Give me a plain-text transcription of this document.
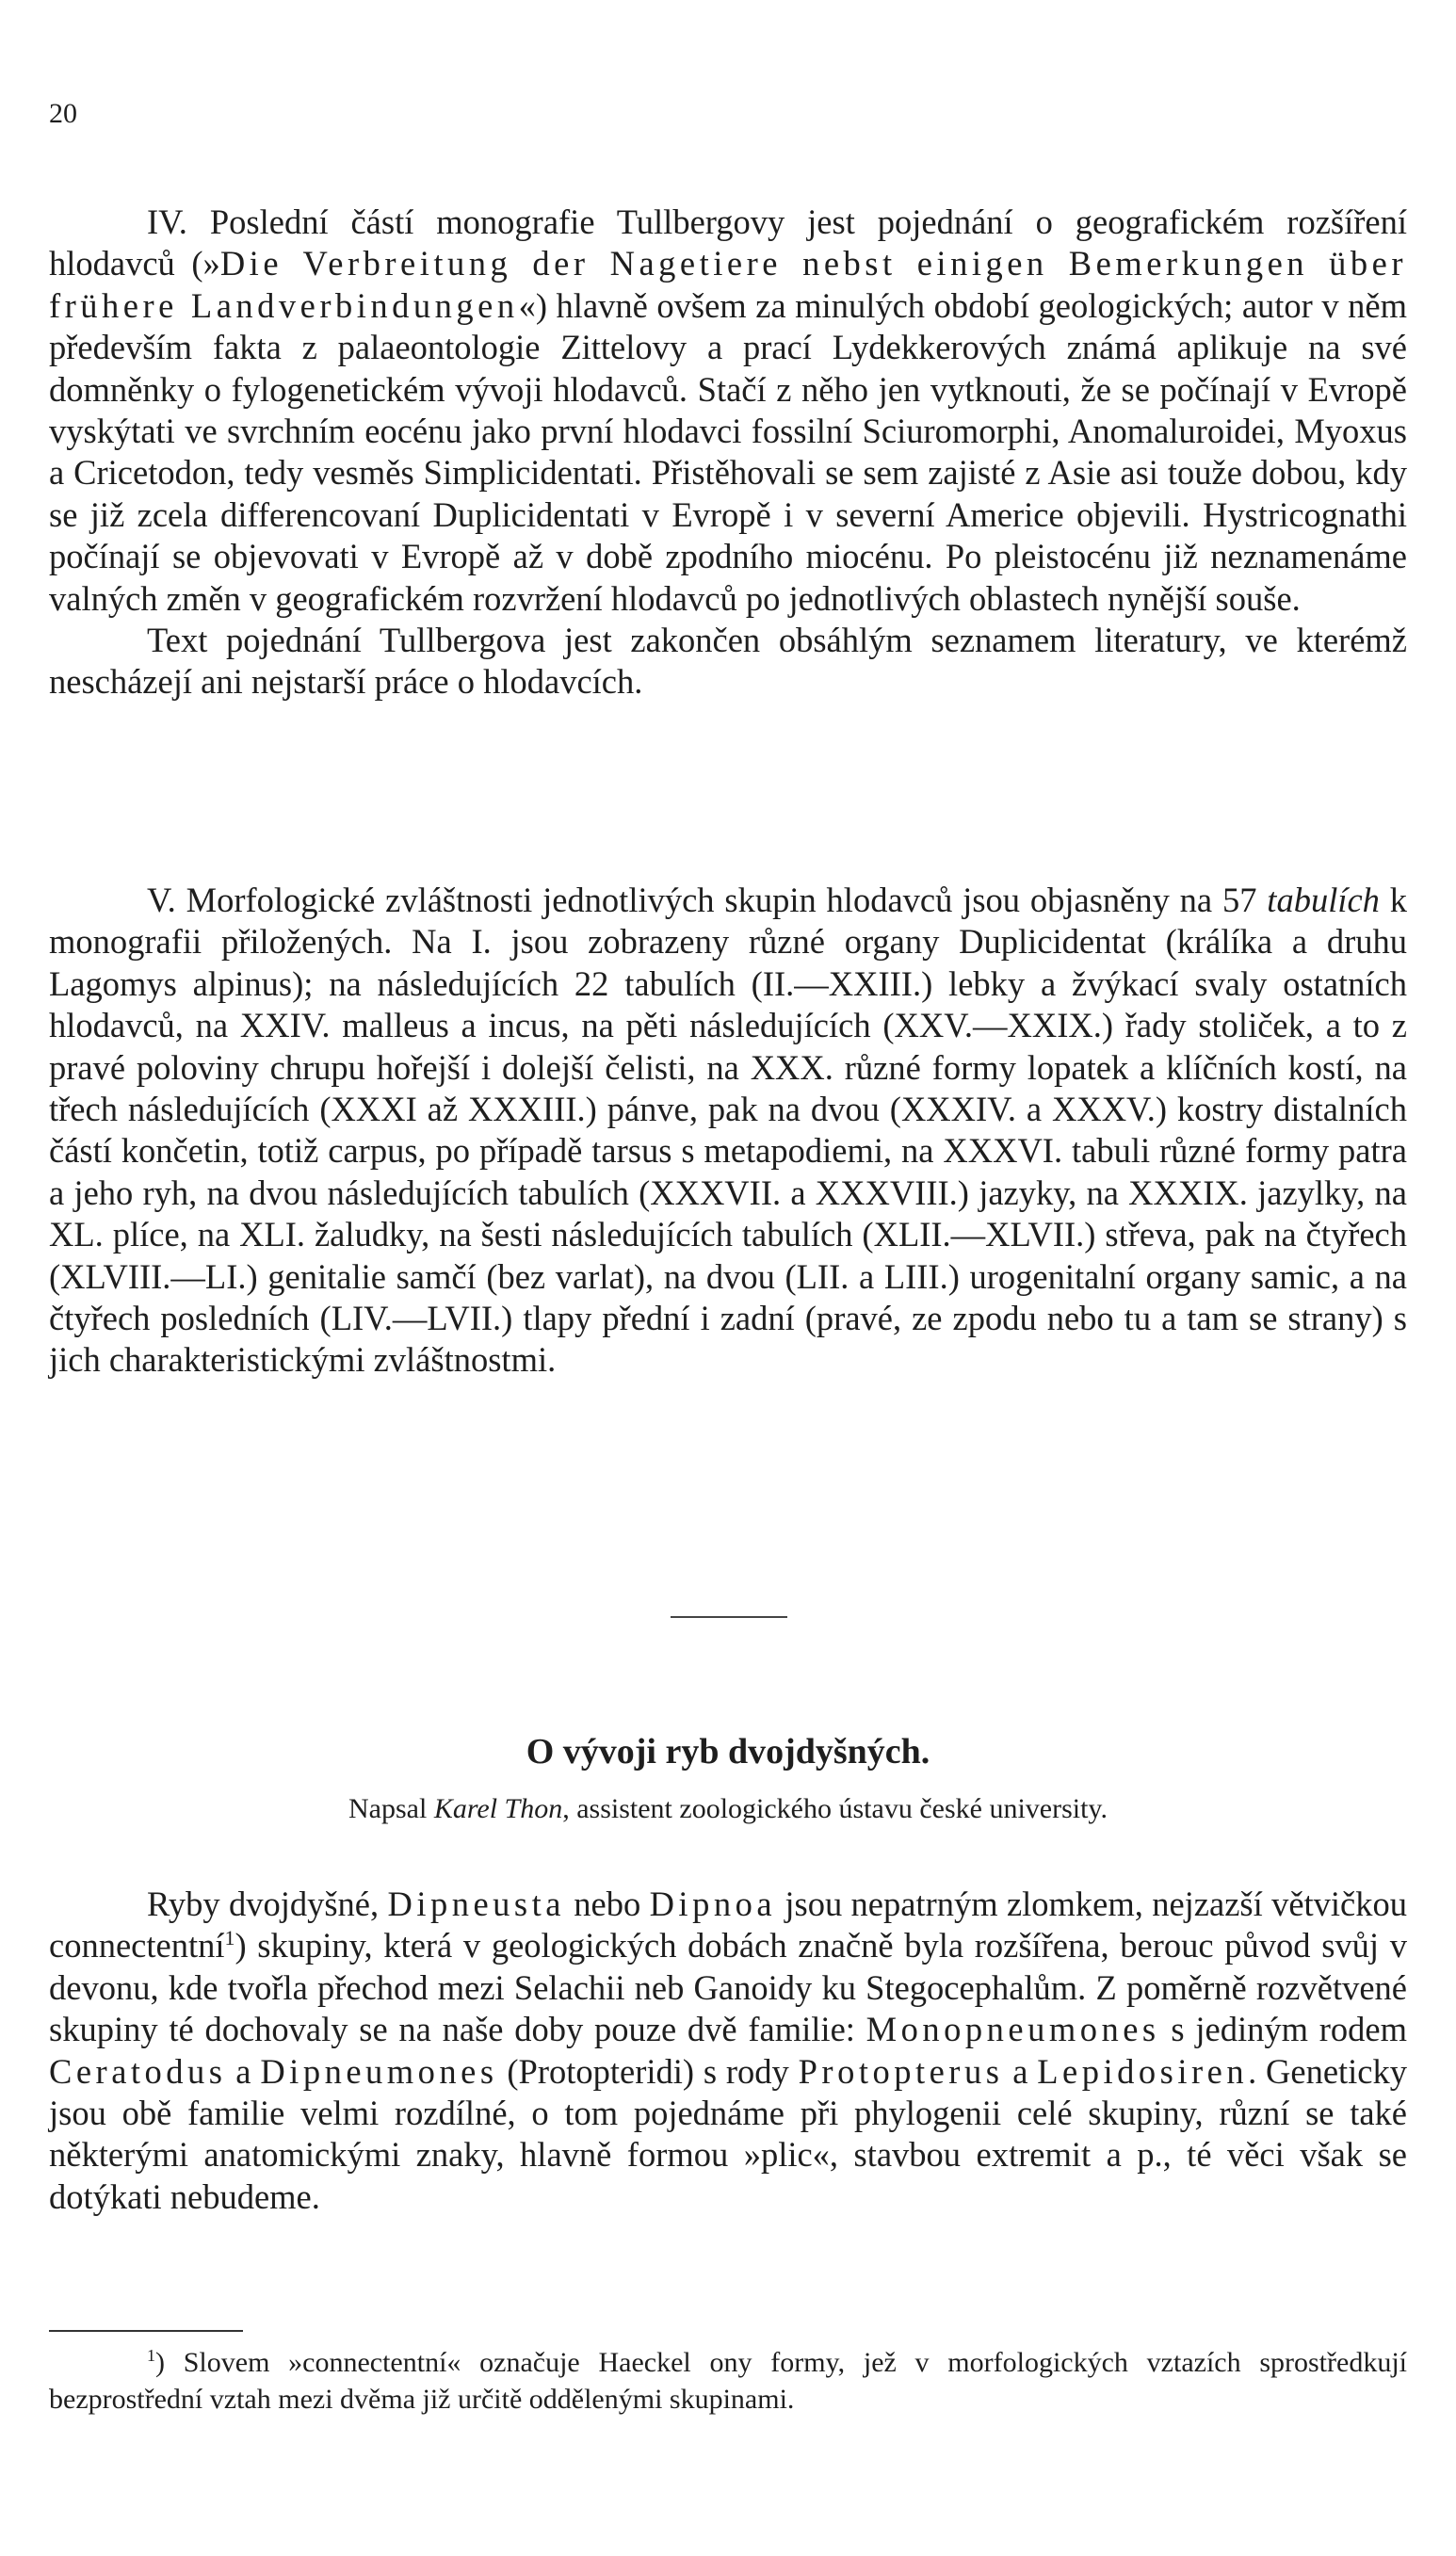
20

IV. Poslední částí monografie Tullbergovy jest pojednání o geografickém rozšíření hlodavců (»Die Verbreitung der Nagetiere nebst einigen Bemerkungen über frühere Landverbindungen«) hlavně ovšem za minulých období geologických; autor v něm především fakta z palaeontologie Zittelovy a prací Lydekkerových známá aplikuje na své domněnky o fylogenetickém vývoji hlodavců. Stačí z něho jen vytknouti, že se počínají v Evropě vyskýtati ve svrchním eocénu jako první hlodavci fossilní Sciuromorphi, Anomaluroidei, Myoxus a Cricetodon, tedy vesměs Simplicidentati. Přistěhovali se sem zajisté z Asie asi touže dobou, kdy se již zcela differencovaní Duplicidentati v Evropě i v severní Americe objevili. Hystricognathi počínají se objevovati v Evropě až v době zpodního miocénu. Po pleistocénu již neznamenáme valných změn v geografickém rozvržení hlodavců po jednotlivých oblastech nynější souše.

Text pojednání Tullbergova jest zakončen obsáhlým seznamem literatury, ve kterémž nescházejí ani nejstarší práce o hlodavcích.

V. Morfologické zvláštnosti jednotlivých skupin hlodavců jsou objasněny na 57 tabulích k monografii přiložených. Na I. jsou zobrazeny různé organy Duplicidentat (králíka a druhu Lagomys alpinus); na následujících 22 tabulích (II.—XXIII.) lebky a žvýkací svaly ostatních hlodavců, na XXIV. malleus a incus, na pěti následujících (XXV.—XXIX.) řady stoliček, a to z pravé poloviny chrupu hořejší i dolejší čelisti, na XXX. různé formy lopatek a klíčních kostí, na třech následujících (XXXI až XXXIII.) pánve, pak na dvou (XXXIV. a XXXV.) kostry distalních částí končetin, totiž carpus, po případě tarsus s metapodiemi, na XXXVI. tabuli různé formy patra a jeho ryh, na dvou následujících tabulích (XXXVII. a XXXVIII.) jazyky, na XXXIX. jazylky, na XL. plíce, na XLI. žaludky, na šesti následujících tabulích (XLII.—XLVII.) střeva, pak na čtyřech (XLVIII.—LI.) genitalie samčí (bez varlat), na dvou (LII. a LIII.) urogenitalní organy samic, a na čtyřech posledních (LIV.—LVII.) tlapy přední i zadní (pravé, ze zpodu nebo tu a tam se strany) s jich charakteristickými zvláštnostmi.

O vývoji ryb dvojdyšných.
Napsal Karel Thon, assistent zoologického ústavu české university.

Ryby dvojdyšné, Dipneusta nebo Dipnoa jsou nepatrným zlomkem, nejzazší větvičkou connectentní$^1$) skupiny, která v geologických dobách značně byla rozšířena, berouc původ svůj v devonu, kde tvořla přechod mezi Selachii neb Ganoidy ku Stegocephalům. Z poměrně rozvětvené skupiny té dochovaly se na naše doby pouze dvě familie: Monopneumones s jediným rodem Ceratodus a Dipneumones (Protopteridi) s rody Protopterus a Lepidosiren. Geneticky jsou obě familie velmi rozdílné, o tom pojednáme při phylogenii celé skupiny, různí se také některými anatomickými znaky, hlavně formou »plic«, stavbou extremit a p., té věci však se dotýkati nebudeme.

$^1$) Slovem »connectentní« označuje Haeckel ony formy, jež v morfologických vztazích sprostředkují bezprostřední vztah mezi dvěma již určitě oddělenými skupinami.
